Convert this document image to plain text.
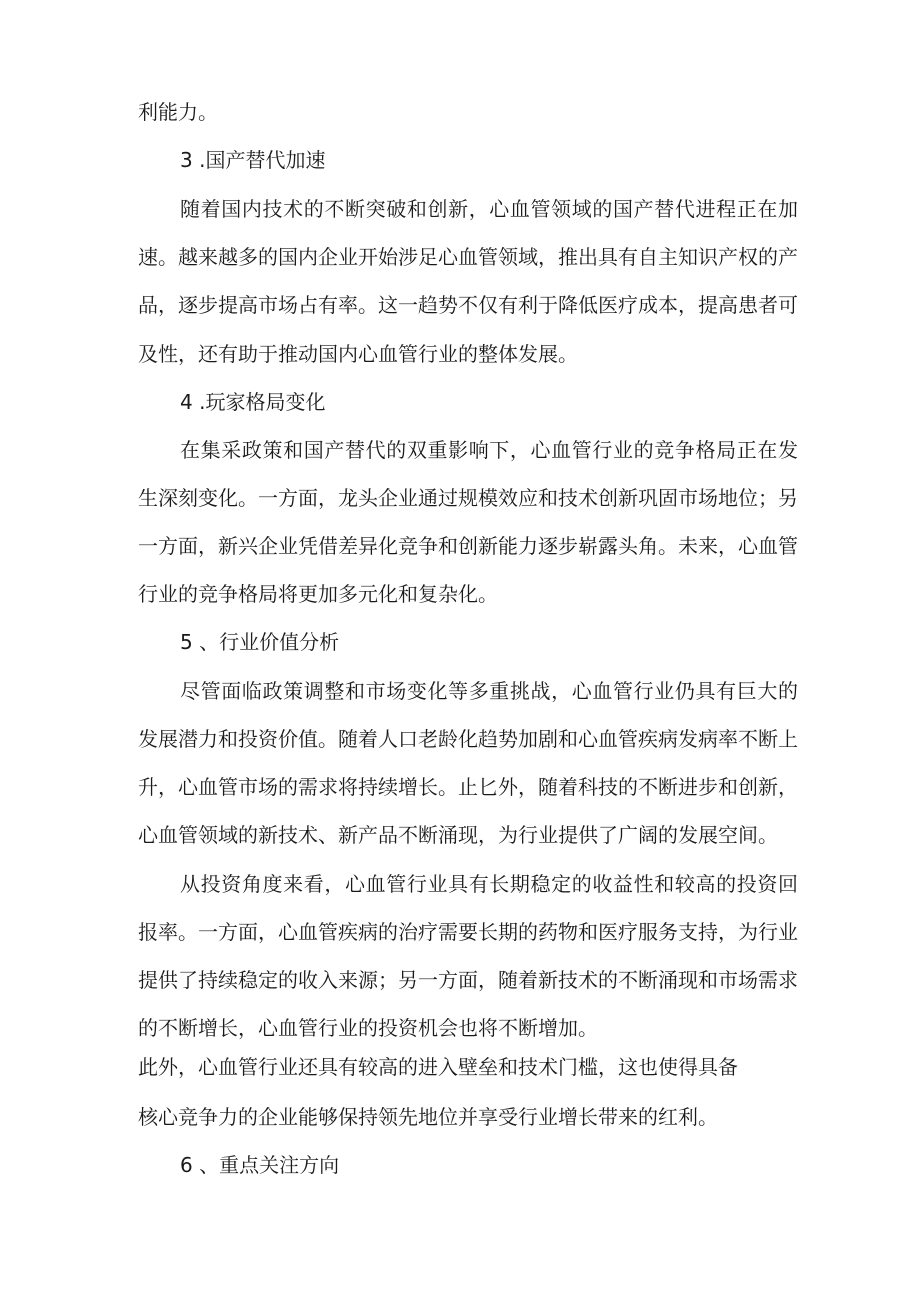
利能力。
3 .国产替代加速
随着国内技术的不断突破和创新，心血管领域的国产替代进程正在加
速。越来越多的国内企业开始涉足心血管领域，推出具有自主知识产权的产
品，逐步提高市场占有率。这一趋势不仅有利于降低医疗成本，提高患者可
及性，还有助于推动国内心血管行业的整体发展。
4 .玩家格局变化
在集采政策和国产替代的双重影响下，心血管行业的竞争格局正在发
生深刻变化。一方面，龙头企业通过规模效应和技术创新巩固市场地位；另
一方面，新兴企业凭借差异化竞争和创新能力逐步崭露头角。未来，心血管
行业的竞争格局将更加多元化和复杂化。
5 、行业价值分析
尽管面临政策调整和市场变化等多重挑战，心血管行业仍具有巨大的
发展潜力和投资价值。随着人口老龄化趋势加剧和心血管疾病发病率不断上
升，心血管市场的需求将持续增长。止匕外，随着科技的不断进步和创新，
心血管领域的新技术、新产品不断涌现，为行业提供了广阔的发展空间。
从投资角度来看，心血管行业具有长期稳定的收益性和较高的投资回
报率。一方面，心血管疾病的治疗需要长期的药物和医疗服务支持，为行业
提供了持续稳定的收入来源；另一方面，随着新技术的不断涌现和市场需求
的不断增长，心血管行业的投资机会也将不断增加。
此外，心血管行业还具有较高的进入壁垒和技术门槛，这也使得具备
核心竞争力的企业能够保持领先地位并享受行业增长带来的红利。
6 、重点关注方向
